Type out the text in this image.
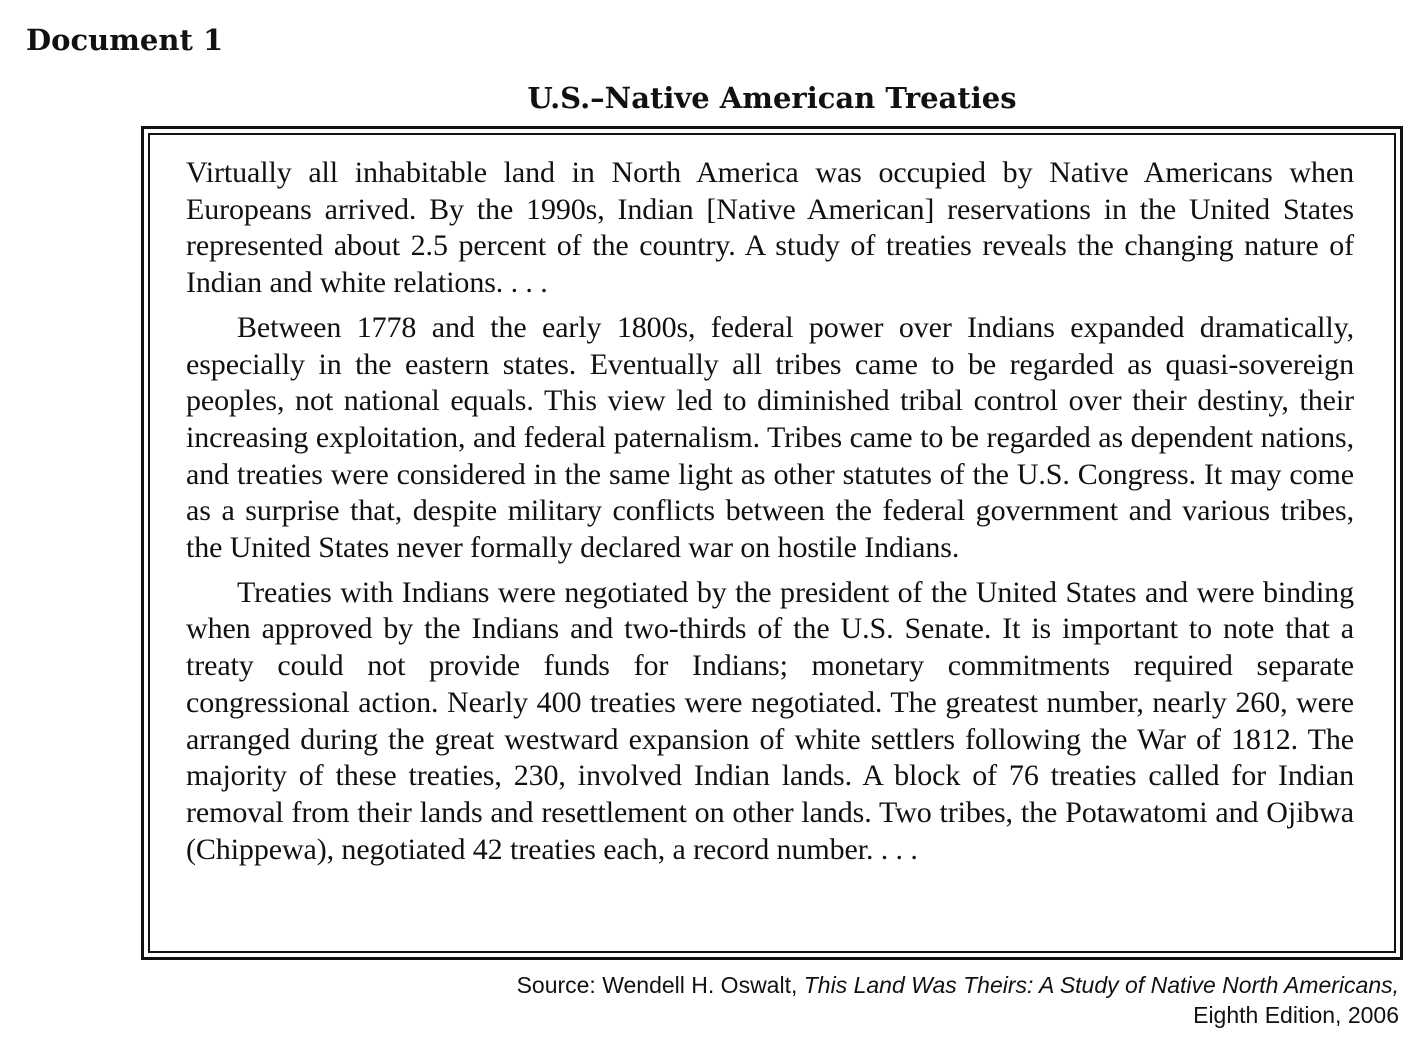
Document 1
U.S.–Native American Treaties

Virtually all inhabitable land in North America was occupied by Native Americans when Europeans arrived. By the 1990s, Indian [Native American] reservations in the United States represented about 2.5 percent of the country. A study of treaties reveals the changing nature of Indian and white relations. . . .

Between 1778 and the early 1800s, federal power over Indians expanded dramatically, especially in the eastern states. Eventually all tribes came to be regarded as quasi-sovereign peoples, not national equals. This view led to diminished tribal control over their destiny, their increasing exploitation, and federal paternalism. Tribes came to be regarded as dependent nations, and treaties were considered in the same light as other statutes of the U.S. Congress. It may come as a surprise that, despite military conflicts between the federal government and various tribes, the United States never formally declared war on hostile Indians.

Treaties with Indians were negotiated by the president of the United States and were binding when approved by the Indians and two-thirds of the U.S. Senate. It is important to note that a treaty could not provide funds for Indians; monetary commitments required separate congressional action. Nearly 400 treaties were negotiated. The greatest number, nearly 260, were arranged during the great westward expansion of white settlers following the War of 1812. The majority of these treaties, 230, involved Indian lands. A block of 76 treaties called for Indian removal from their lands and resettlement on other lands. Two tribes, the Potawatomi and Ojibwa (Chippewa), negotiated 42 treaties each, a record number. . . .

Source: Wendell H. Oswalt, This Land Was Theirs: A Study of Native North Americans,
Eighth Edition, 2006
